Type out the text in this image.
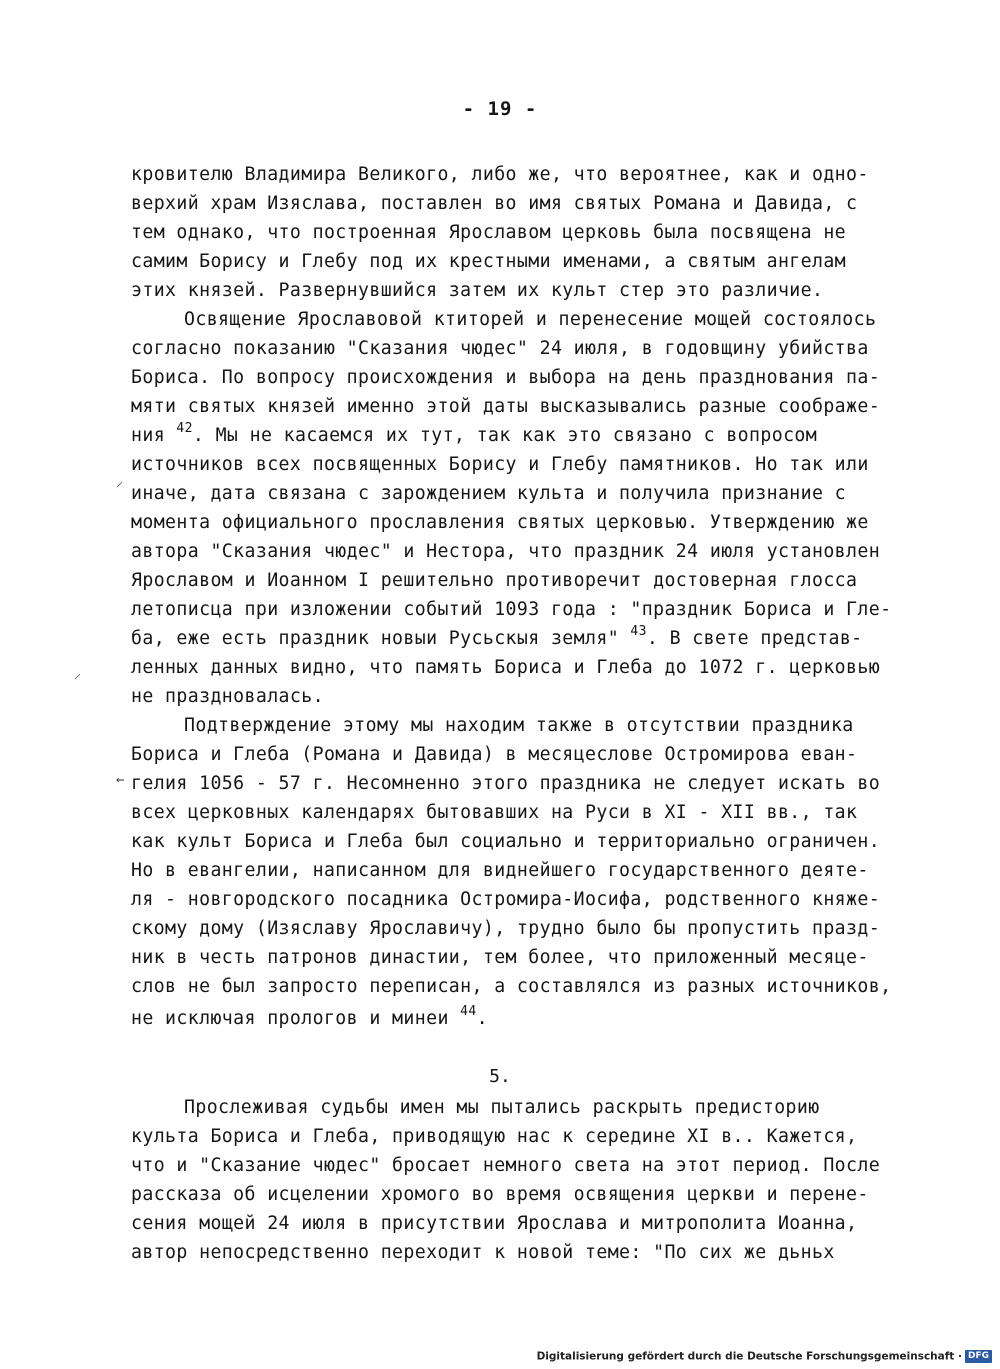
- 19 -
кровителю Владимира Великого, либо же, что вероятнее, как и одно-
верхий храм Изяслава, поставлен во имя святых Романа и Давида, с
тем однако, что построенная Ярославом церковь была посвящена не
самим Борису и Глебу под их крестными именами, а святым ангелам
этих князей. Развернувшийся затем их культ стер это различие.
Освящение Ярославовой ктиторей и перенесение мощей состоялось
согласно показанию "Сказания чюдес" 24 июля, в годовщину убийства
Бориса. По вопросу происхождения и выбора на день празднования па-
мяти святых князей именно этой даты высказывались разные соображе-
ния $^{42}$. Мы не касаемся их тут, так как это связано с вопросом
источников всех посвященных Борису и Глебу памятников. Но так или
иначе, дата связана с зарождением культа и получила признание с
момента официального прославления святых церковью. Утверждению же
автора "Сказания чюдес" и Нестора, что праздник 24 июля установлен
Ярославом и Иоанном I решительно противоречит достоверная глосса
летописца при изложении событий 1093 года : "праздник Бориса и Гле-
ба, еже есть праздник новыи Русьскыя земля" $^{43}$. В свете представ-
ленных данных видно, что память Бориса и Глеба до 1072 г. церковью
не праздновалась.
Подтверждение этому мы находим также в отсутствии праздника
Бориса и Глеба (Романа и Давида) в месяцеслове Остромирова еван-
гелия 1056 - 57 г. Несомненно этого праздника не следует искать во
всех церковных календарях бытовавших на Руси в XI - XII вв., так
как культ Бориса и Глеба был социально и территориально ограничен.
Но в евангелии, написанном для виднейшего государственного деяте-
ля - новгородского посадника Остромира-Иосифа, родственного княже-
скому дому (Изяславу Ярославичу), трудно было бы пропустить празд-
ник в честь патронов династии, тем более, что приложенный месяце-
слов не был запросто переписан, а составлялся из разных источников,
не исключая прологов и минеи $^{44}$.
5.
Прослеживая судьбы имен мы пытались раскрыть предисторию
культа Бориса и Глеба, приводящую нас к середине XI в.. Кажется,
что и "Сказание чюдес" бросает немного света на этот период. После
рассказа об исцелении хромого во время освящения церкви и перене-
сения мощей 24 июля в присутствии Ярослава и митрополита Иоанна,
автор непосредственно переходит к новой теме: "По сих же дьньх
⸍
⸝
←
Digitalisierung gefördert durch die Deutsche Forschungsgemeinschaft · DFG
